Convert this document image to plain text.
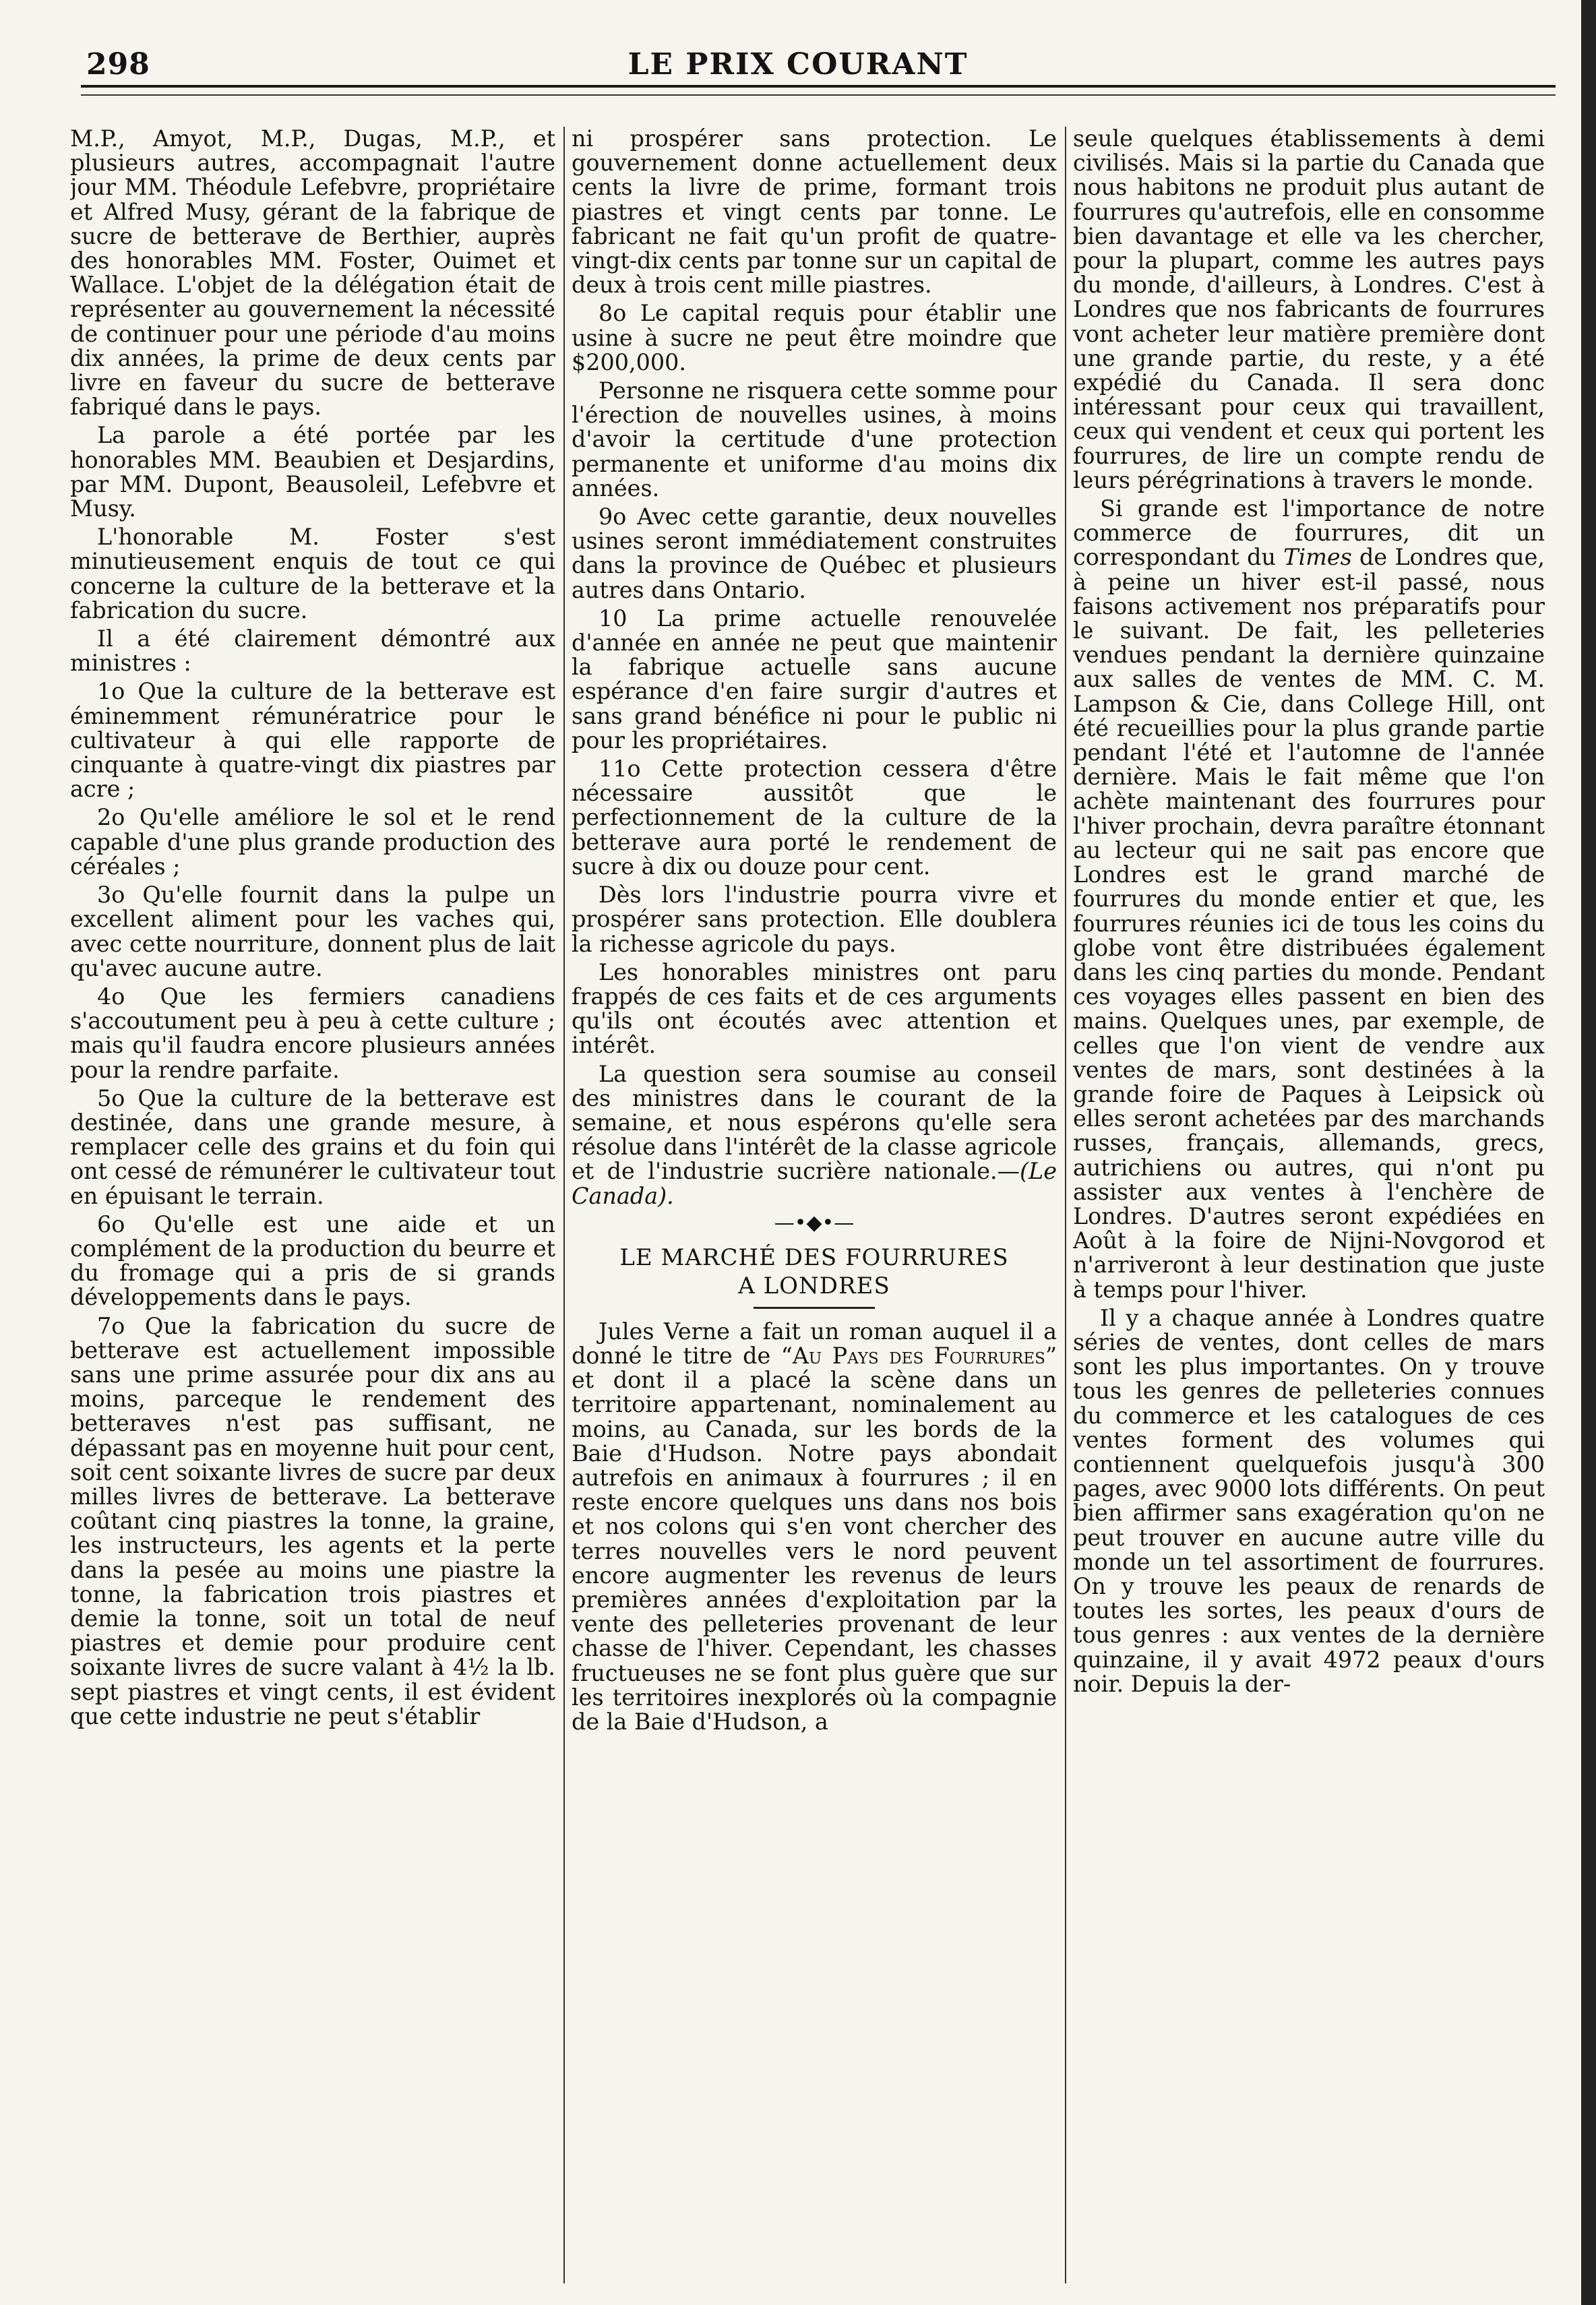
298	LE PRIX COURANT

M.P., Amyot, M.P., Dugas, M.P., et plusieurs autres, accompagnait l'autre jour MM. Théodule Lefebvre, propriétaire et Alfred Musy, gérant de la fabrique de sucre de betterave de Berthier, auprès des honorables MM. Foster, Ouimet et Wallace. L'objet de la délégation était de représenter au gouvernement la nécessité de continuer pour une période d'au moins dix années, la prime de deux cents par livre en faveur du sucre de betterave fabriqué dans le pays.

La parole a été portée par les honorables MM. Beaubien et Desjardins, par MM. Dupont, Beausoleil, Lefebvre et Musy.

L'honorable M. Foster s'est minutieusement enquis de tout ce qui concerne la culture de la betterave et la fabrication du sucre.

Il a été clairement démontré aux ministres :

1o Que la culture de la betterave est éminemment rémunératrice pour le cultivateur à qui elle rapporte de cinquante à quatre-vingt dix piastres par acre ;

2o Qu'elle améliore le sol et le rend capable d'une plus grande production des céréales ;

3o Qu'elle fournit dans la pulpe un excellent aliment pour les vaches qui, avec cette nourriture, donnent plus de lait qu'avec aucune autre.

4o Que les fermiers canadiens s'accoutument peu à peu à cette culture ; mais qu'il faudra encore plusieurs années pour la rendre parfaite.

5o Que la culture de la betterave est destinée, dans une grande mesure, à remplacer celle des grains et du foin qui ont cessé de rémunérer le cultivateur tout en épuisant le terrain.

6o Qu'elle est une aide et un complément de la production du beurre et du fromage qui a pris de si grands développements dans le pays.

7o Que la fabrication du sucre de betterave est actuellement impossible sans une prime assurée pour dix ans au moins, parceque le rendement des betteraves n'est pas suffisant, ne dépassant pas en moyenne huit pour cent, soit cent soixante livres de sucre par deux milles livres de betterave. La betterave coûtant cinq piastres la tonne, la graine, les instructeurs, les agents et la perte dans la pesée au moins une piastre la tonne, la fabrication trois piastres et demie la tonne, soit un total de neuf piastres et demie pour produire cent soixante livres de sucre valant à 4½ la lb. sept piastres et vingt cents, il est évident que cette industrie ne peut s'établir

ni prospérer sans protection. Le gouvernement donne actuellement deux cents la livre de prime, formant trois piastres et vingt cents par tonne. Le fabricant ne fait qu'un profit de quatre-vingt-dix cents par tonne sur un capital de deux à trois cent mille piastres.

8o Le capital requis pour établir une usine à sucre ne peut être moindre que $200,000.

Personne ne risquera cette somme pour l'érection de nouvelles usines, à moins d'avoir la certitude d'une protection permanente et uniforme d'au moins dix années.

9o Avec cette garantie, deux nouvelles usines seront immédiatement construites dans la province de Québec et plusieurs autres dans Ontario.

10 La prime actuelle renouvelée d'année en année ne peut que maintenir la fabrique actuelle sans aucune espérance d'en faire surgir d'autres et sans grand bénéfice ni pour le public ni pour les propriétaires.

11o Cette protection cessera d'être nécessaire aussitôt que le perfectionnement de la culture de la betterave aura porté le rendement de sucre à dix ou douze pour cent.

Dès lors l'industrie pourra vivre et prospérer sans protection. Elle doublera la richesse agricole du pays.

Les honorables ministres ont paru frappés de ces faits et de ces arguments qu'ils ont écoutés avec attention et intérêt.

La question sera soumise au conseil des ministres dans le courant de la semaine, et nous espérons qu'elle sera résolue dans l'intérêt de la classe agricole et de l'industrie sucrière nationale.—(Le Canada).

—•◆•—
LE MARCHÉ DES FOURRURES
A LONDRES

Jules Verne a fait un roman auquel il a donné le titre de “Au Pays des Fourrures” et dont il a placé la scène dans un territoire appartenant, nominalement au moins, au Canada, sur les bords de la Baie d'Hudson. Notre pays abondait autrefois en animaux à fourrures ; il en reste encore quelques uns dans nos bois et nos colons qui s'en vont chercher des terres nouvelles vers le nord peuvent encore augmenter les revenus de leurs premières années d'exploitation par la vente des pelleteries provenant de leur chasse de l'hiver. Cependant, les chasses fructueuses ne se font plus guère que sur les territoires inexplorés où la compagnie de la Baie d'Hudson, a

seule quelques établissements à demi civilisés. Mais si la partie du Canada que nous habitons ne produit plus autant de fourrures qu'autrefois, elle en consomme bien davantage et elle va les chercher, pour la plupart, comme les autres pays du monde, d'ailleurs, à Londres. C'est à Londres que nos fabricants de fourrures vont acheter leur matière première dont une grande partie, du reste, y a été expédié du Canada. Il sera donc intéressant pour ceux qui travaillent, ceux qui vendent et ceux qui portent les fourrures, de lire un compte rendu de leurs pérégrinations à travers le monde.

Si grande est l'importance de notre commerce de fourrures, dit un correspondant du Times de Londres que, à peine un hiver est-il passé, nous faisons activement nos préparatifs pour le suivant. De fait, les pelleteries vendues pendant la dernière quinzaine aux salles de ventes de MM. C. M. Lampson & Cie, dans College Hill, ont été recueillies pour la plus grande partie pendant l'été et l'automne de l'année dernière. Mais le fait même que l'on achète maintenant des fourrures pour l'hiver prochain, devra paraître étonnant au lecteur qui ne sait pas encore que Londres est le grand marché de fourrures du monde entier et que, les fourrures réunies ici de tous les coins du globe vont être distribuées également dans les cinq parties du monde. Pendant ces voyages elles passent en bien des mains. Quelques unes, par exemple, de celles que l'on vient de vendre aux ventes de mars, sont destinées à la grande foire de Paques à Leipsick où elles seront achetées par des marchands russes, français, allemands, grecs, autrichiens ou autres, qui n'ont pu assister aux ventes à l'enchère de Londres. D'autres seront expédiées en Août à la foire de Nijni-Novgorod et n'arriveront à leur destination que juste à temps pour l'hiver.

Il y a chaque année à Londres quatre séries de ventes, dont celles de mars sont les plus importantes. On y trouve tous les genres de pelleteries connues du commerce et les catalogues de ces ventes forment des volumes qui contiennent quelquefois jusqu'à 300 pages, avec 9000 lots différents. On peut bien affirmer sans exagération qu'on ne peut trouver en aucune autre ville du monde un tel assortiment de fourrures. On y trouve les peaux de renards de toutes les sortes, les peaux d'ours de tous genres : aux ventes de la dernière quinzaine, il y avait 4972 peaux d'ours noir. Depuis la der-
